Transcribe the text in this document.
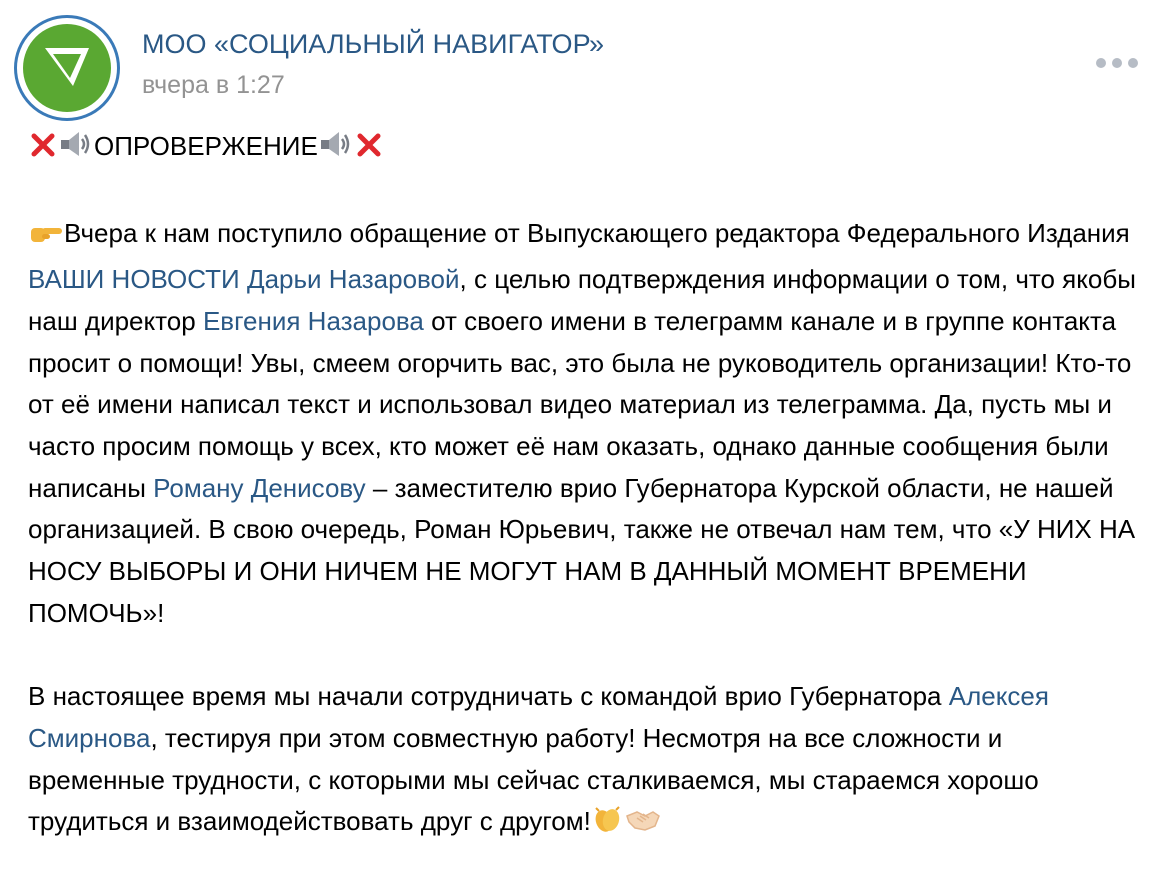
МОО «СОЦИАЛЬНЫЙ НАВИГАТОР»
вчера в 1:27

ОПРОВЕРЖЕНИЕ

Вчера к нам поступило обращение от Выпускающего редактора Федерального Издания ВАШИ НОВОСТИ Дарьи Назаровой, с целью подтверждения информации о том, что якобы наш директор Евгения Назарова от своего имени в телеграмм канале и в группе контакта просит о помощи! Увы, смеем огорчить вас, это была не руководитель организации! Кто-то от её имени написал текст и использовал видео материал из телеграмма. Да, пусть мы и часто просим помощь у всех, кто может её нам оказать, однако данные сообщения были написаны Роману Денисову – заместителю врио Губернатора Курской области, не нашей организацией. В свою очередь, Роман Юрьевич, также не отвечал нам тем, что «У НИХ НА НОСУ ВЫБОРЫ И ОНИ НИЧЕМ НЕ МОГУТ НАМ В ДАННЫЙ МОМЕНТ ВРЕМЕНИ ПОМОЧЬ»!

В настоящее время мы начали сотрудничать с командой врио Губернатора Алексея Смирнова, тестируя при этом совместную работу! Несмотря на все сложности и временные трудности, с которыми мы сейчас сталкиваемся, мы стараемся хорошо трудиться и взаимодействовать друг с другом!
